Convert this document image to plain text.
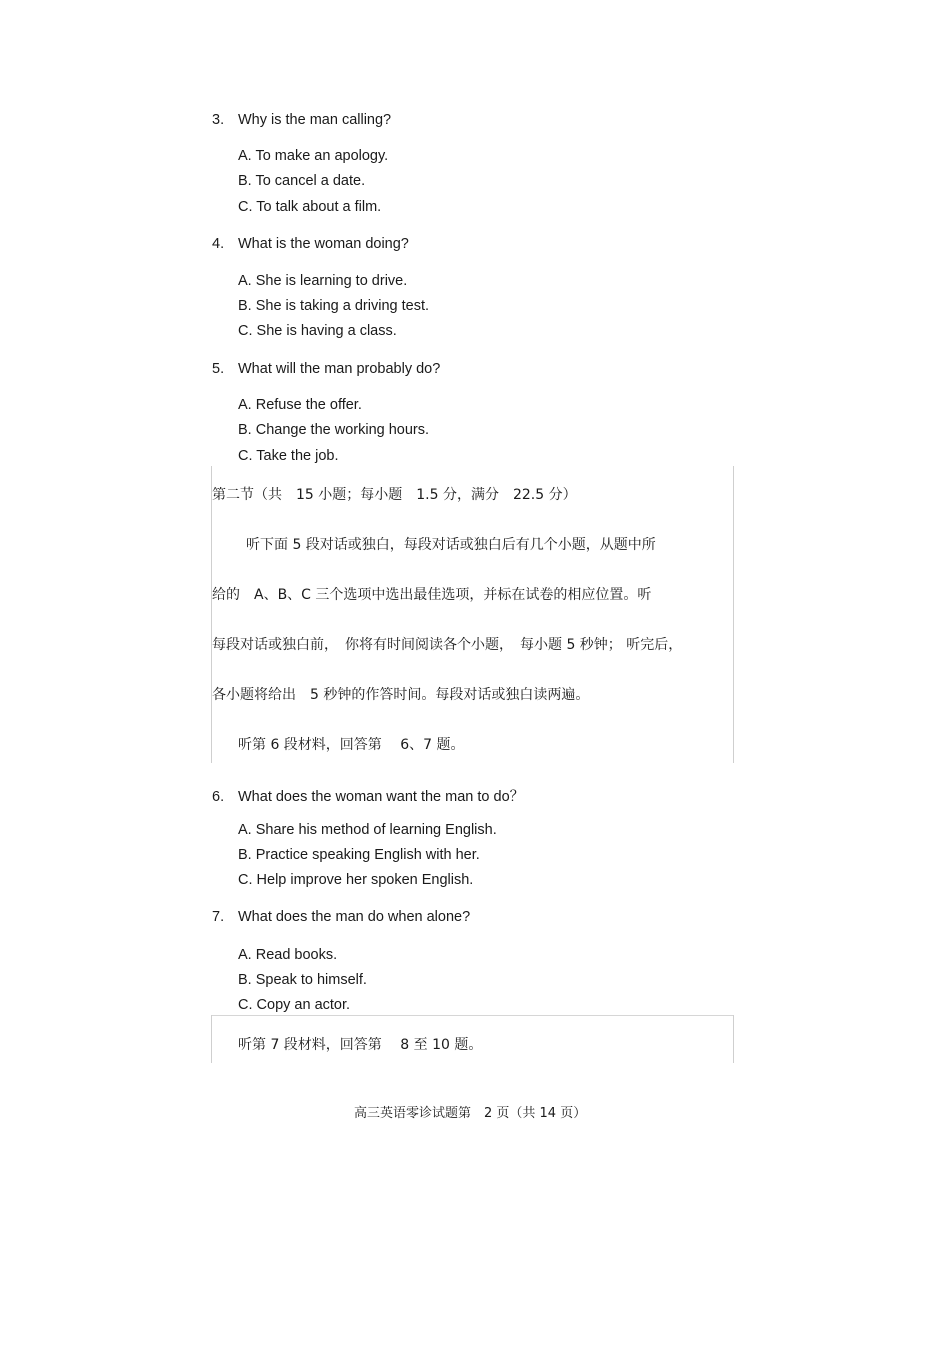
3. Why is the man calling?
A. To make an apology.
B. To cancel a date.
C. To talk about a film.
4. What is the woman doing?
A. She is learning to drive.
B. She is taking a driving test.
C. She is having a class.
5. What will the man probably do?
A. Refuse the offer.
B. Change the working hours.
C. Take the job.
第二节（共　15 小题；每小题　1.5 分，满分　22.5 分）
听下面 5 段对话或独白，每段对话或独白后有几个小题，从题中所
给的　A、B、C 三个选项中选出最佳选项，并标在试卷的相应位置。听
每段对话或独白前，　你将有时间阅读各个小题，　每小题 5 秒钟； 听完后，
各小题将给出　5 秒钟的作答时间。每段对话或独白读两遍。
听第 6 段材料，回答第　 6、7 题。
6. What does the woman want the man to do？
A. Share his method of learning English.
B. Practice speaking English with her.
C. Help improve her spoken English.
7. What does the man do when alone?
A. Read books.
B. Speak to himself.
C. Copy an actor.
听第 7 段材料，回答第　 8 至 10 题。
高三英语零诊试题第　2 页（共 14 页）
